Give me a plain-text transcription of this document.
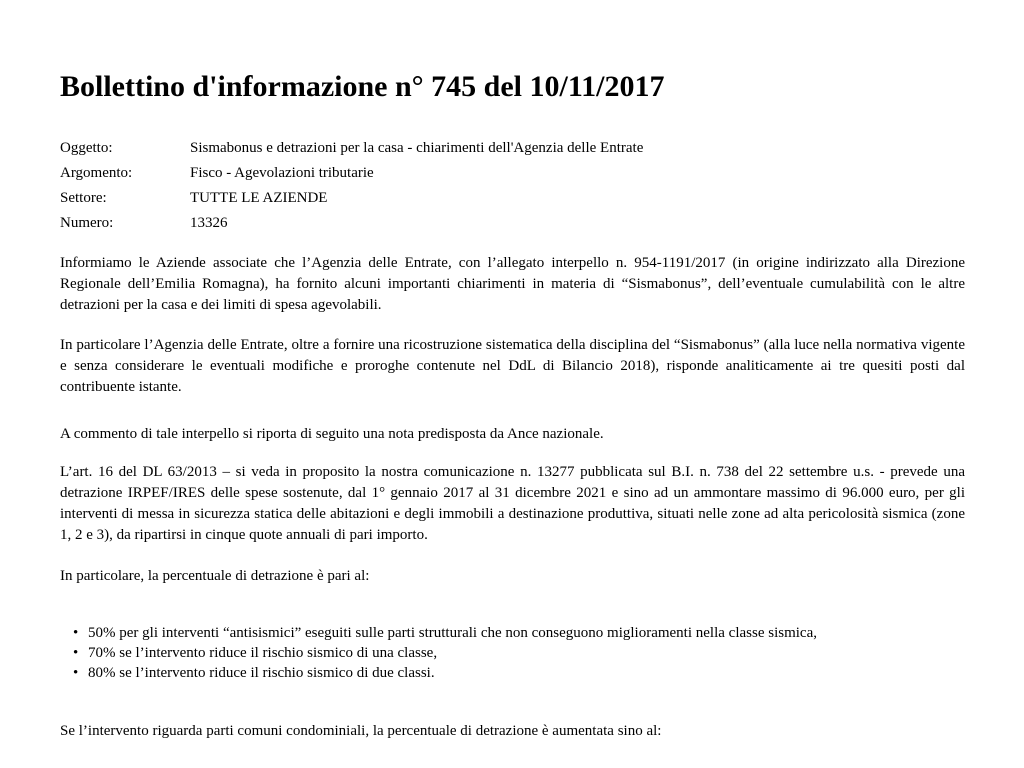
Bollettino d'informazione n° 745 del 10/11/2017
Oggetto:	Sismabonus e detrazioni per la casa - chiarimenti dell'Agenzia delle Entrate
Argomento:	Fisco - Agevolazioni tributarie
Settore:	TUTTE LE AZIENDE
Numero:	13326

Informiamo le Aziende associate che l’Agenzia delle Entrate, con l’allegato interpello n. 954-1191/2017 (in origine indirizzato alla Direzione Regionale dell’Emilia Romagna), ha fornito alcuni importanti chiarimenti in materia di “Sismabonus”, dell’eventuale cumulabilità con le altre detrazioni per la casa e dei limiti di spesa agevolabili.

In particolare l’Agenzia delle Entrate, oltre a fornire una ricostruzione sistematica della disciplina del “Sismabonus” (alla luce nella normativa vigente e senza considerare le eventuali modifiche e proroghe contenute nel DdL di Bilancio 2018), risponde analiticamente ai tre quesiti posti dal contribuente istante.

A commento di tale interpello si riporta di seguito una nota predisposta da Ance nazionale.

L’art. 16 del DL 63/2013 – si veda in proposito la nostra comunicazione n. 13277 pubblicata sul B.I. n. 738 del 22 settembre u.s. - prevede una detrazione IRPEF/IRES delle spese sostenute, dal 1° gennaio 2017 al 31 dicembre 2021 e sino ad un ammontare massimo di 96.000 euro, per gli interventi di messa in sicurezza statica delle abitazioni e degli immobili a destinazione produttiva, situati nelle zone ad alta pericolosità sismica (zone 1, 2 e 3), da ripartirsi in cinque quote annuali di pari importo.

In particolare, la percentuale di detrazione è pari al:

• 50% per gli interventi “antisismici” eseguiti sulle parti strutturali che non conseguono miglioramenti nella classe sismica,
• 70% se l’intervento riduce il rischio sismico di una classe,
• 80% se l’intervento riduce il rischio sismico di due classi.

Se l’intervento riguarda parti comuni condominiali, la percentuale di detrazione è aumentata sino al:
